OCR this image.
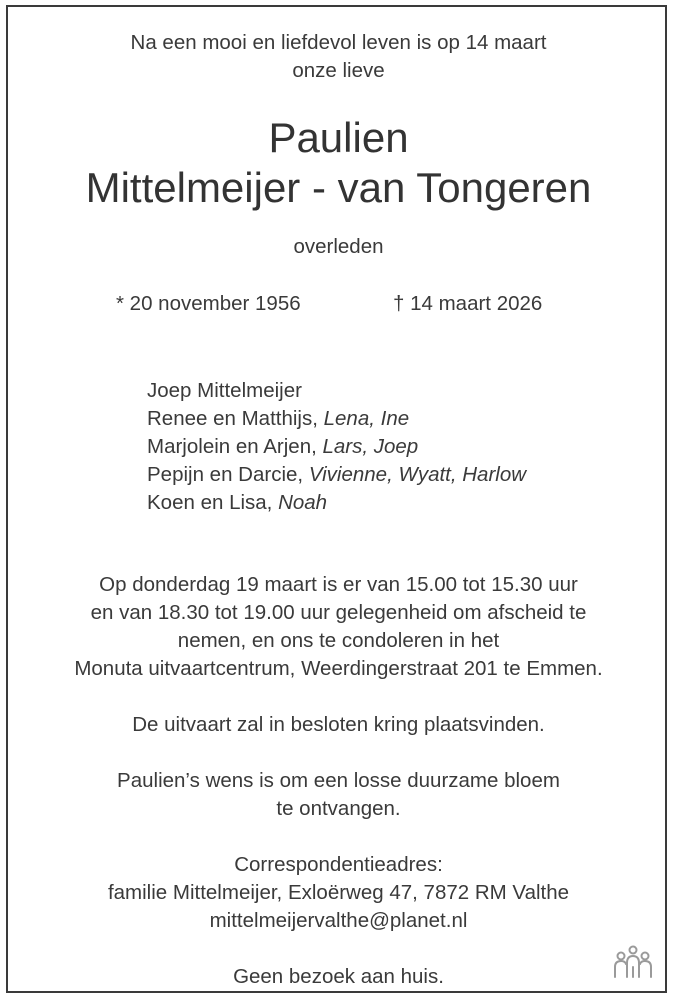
Na een mooi en liefdevol leven is op 14 maart
onze lieve
Paulien
Mittelmeijer - van Tongeren
overleden
* 20 november 1956	† 14 maart 2026
Joep Mittelmeijer
Renee en Matthijs, Lena, Ine
Marjolein en Arjen, Lars, Joep
Pepijn en Darcie, Vivienne, Wyatt, Harlow
Koen en Lisa, Noah
Op donderdag 19 maart is er van 15.00 tot 15.30 uur
en van 18.30 tot 19.00 uur gelegenheid om afscheid te
nemen, en ons te condoleren in het
Monuta uitvaartcentrum, Weerdingerstraat 201 te Emmen.
De uitvaart zal in besloten kring plaatsvinden.
Paulien’s wens is om een losse duurzame bloem
te ontvangen.
Correspondentieadres:
familie Mittelmeijer, Exloërweg 47, 7872 RM Valthe
mittelmeijervalthe@planet.nl
Geen bezoek aan huis.
